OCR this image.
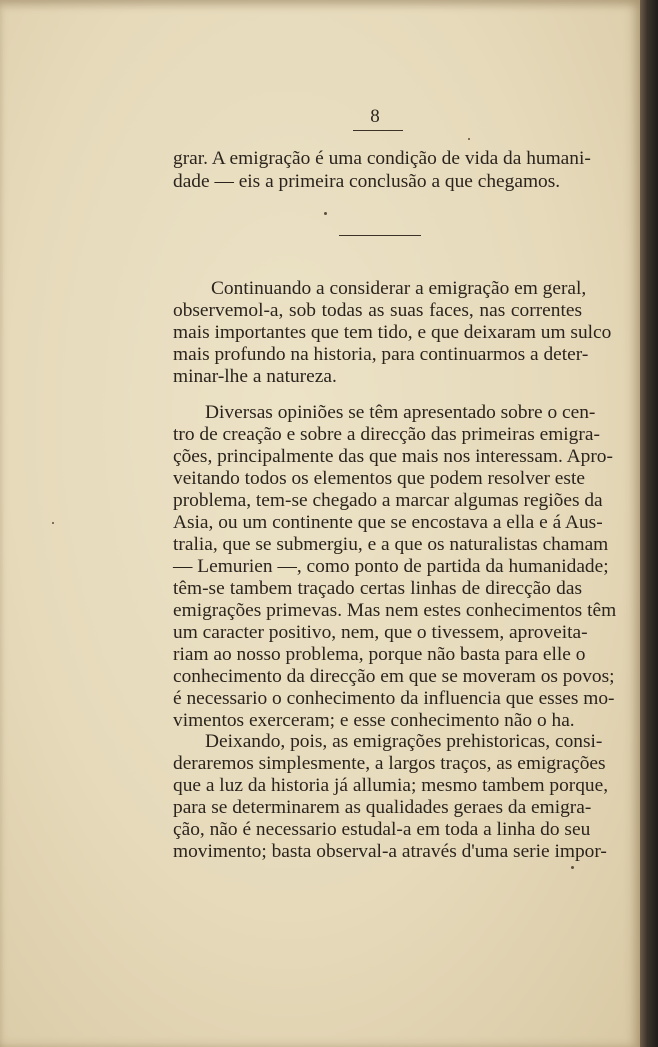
8
grar. A emigração é uma condição de vida da humani-
dade — eis a primeira conclusão a que chegamos.
Continuando a considerar a emigração em geral,
observemol-a, sob todas as suas faces, nas correntes
mais importantes que tem tido, e que deixaram um sulco
mais profundo na historia, para continuarmos a deter-
minar-lhe a natureza.
Diversas opiniões se têm apresentado sobre o cen-
tro de creação e sobre a direcção das primeiras emigra-
ções, principalmente das que mais nos interessam. Apro-
veitando todos os elementos que podem resolver este
problema, tem-se chegado a marcar algumas regiões da
Asia, ou um continente que se encostava a ella e á Aus-
tralia, que se submergiu, e a que os naturalistas chamam
— Lemurien —, como ponto de partida da humanidade;
têm-se tambem traçado certas linhas de direcção das
emigrações primevas. Mas nem estes conhecimentos têm
um caracter positivo, nem, que o tivessem, aproveita-
riam ao nosso problema, porque não basta para elle o
conhecimento da direcção em que se moveram os povos;
é necessario o conhecimento da influencia que esses mo-
vimentos exerceram; e esse conhecimento não o ha.
Deixando, pois, as emigrações prehistoricas, consi-
deraremos simplesmente, a largos traços, as emigrações
que a luz da historia já allumia; mesmo tambem porque,
para se determinarem as qualidades geraes da emigra-
ção, não é necessario estudal-a em toda a linha do seu
movimento; basta observal-a através d'uma serie impor-
